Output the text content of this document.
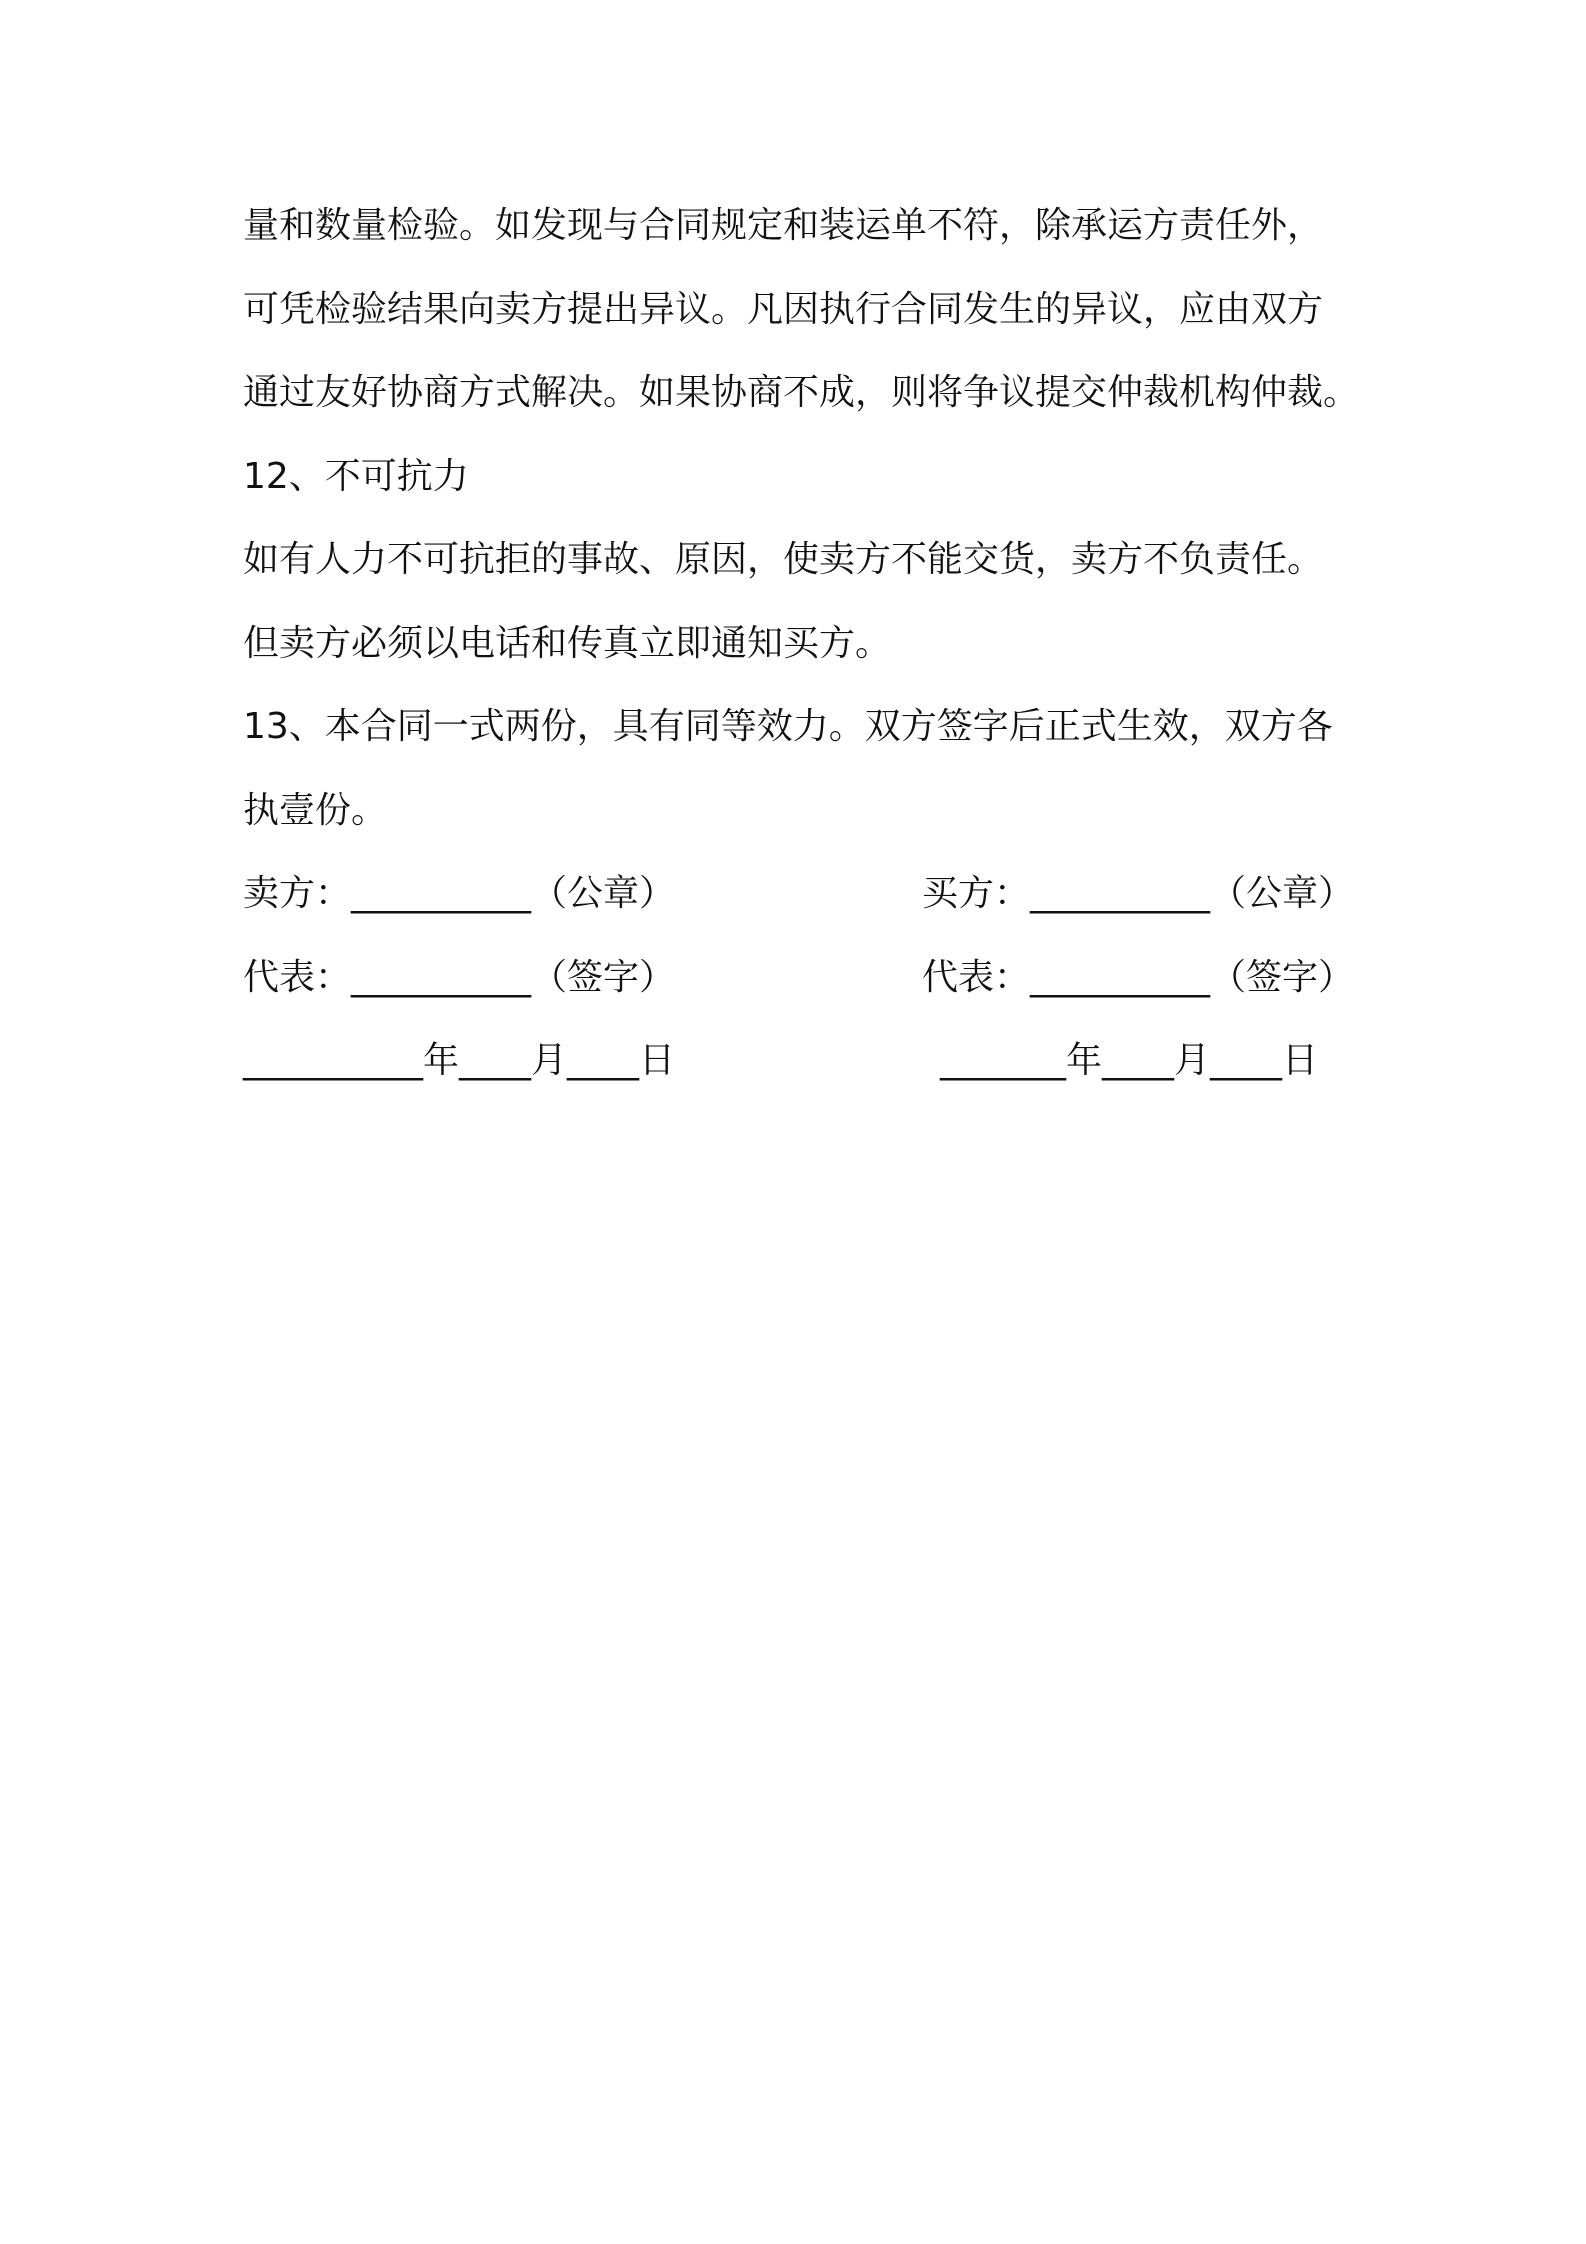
量和数量检验。如发现与合同规定和装运单不符，除承运方责任外，
可凭检验结果向卖方提出异议。凡因执行合同发生的异议，应由双方
通过友好协商方式解决。如果协商不成，则将争议提交仲裁机构仲裁。
12、不可抗力
如有人力不可抗拒的事故、原因，使卖方不能交货，卖方不负责任。
但卖方必须以电话和传真立即通知买方。
13、本合同一式两份，具有同等效力。双方签字后正式生效，双方各
执壹份。
卖方：__________（公章）	买方：__________（公章）
代表：__________（签字）	代表：__________（签字）
__________年____月____日	_______年____月____日
